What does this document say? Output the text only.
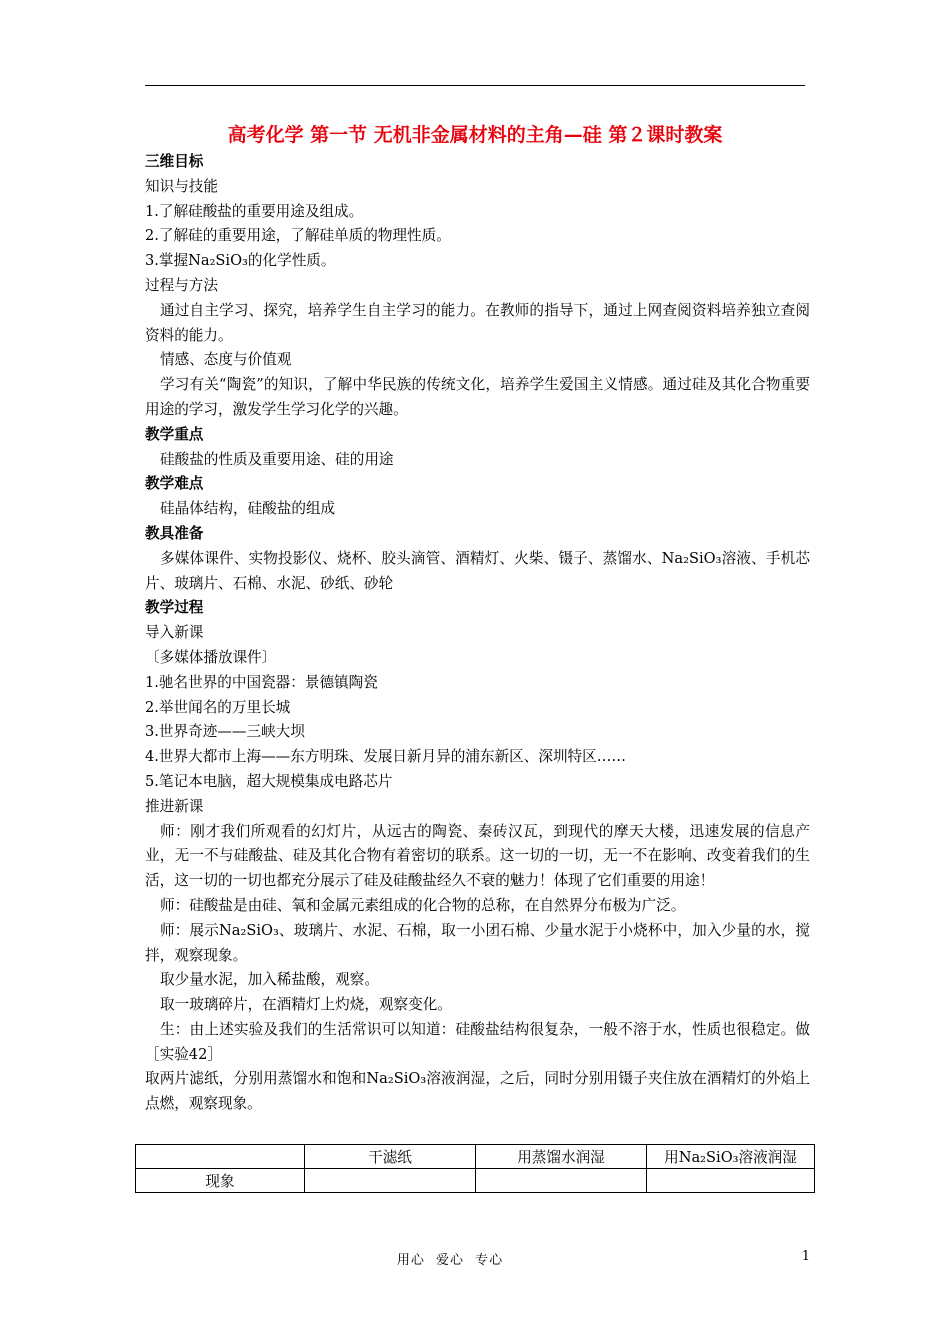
高考化学 第一节 无机非金属材料的主角—硅 第２课时教案

三维目标

知识与技能

1.了解硅酸盐的重要用途及组成。

2.了解硅的重要用途，了解硅单质的物理性质。

3.掌握Na₂SiO₃的化学性质。

过程与方法

通过自主学习、探究，培养学生自主学习的能力。在教师的指导下，通过上网查阅资料培养独立查阅资料的能力。

情感、态度与价值观

学习有关“陶瓷”的知识，了解中华民族的传统文化，培养学生爱国主义情感。通过硅及其化合物重要用途的学习，激发学生学习化学的兴趣。

教学重点

硅酸盐的性质及重要用途、硅的用途

教学难点

硅晶体结构，硅酸盐的组成

教具准备

多媒体课件、实物投影仪、烧杯、胶头滴管、酒精灯、火柴、镊子、蒸馏水、Na₂SiO₃溶液、手机芯片、玻璃片、石棉、水泥、砂纸、砂轮

教学过程

导入新课

〔多媒体播放课件〕

1.驰名世界的中国瓷器：景德镇陶瓷

2.举世闻名的万里长城

3.世界奇迹——三峡大坝

4.世界大都市上海——东方明珠、发展日新月异的浦东新区、深圳特区……

5.笔记本电脑，超大规模集成电路芯片

推进新课

师：刚才我们所观看的幻灯片，从远古的陶瓷、秦砖汉瓦，到现代的摩天大楼，迅速发展的信息产业，无一不与硅酸盐、硅及其化合物有着密切的联系。这一切的一切，无一不在影响、改变着我们的生活，这一切的一切也都充分展示了硅及硅酸盐经久不衰的魅力！体现了它们重要的用途！

师：硅酸盐是由硅、氧和金属元素组成的化合物的总称，在自然界分布极为广泛。

师：展示Na₂SiO₃、玻璃片、水泥、石棉，取一小团石棉、少量水泥于小烧杯中，加入少量的水，搅拌，观察现象。

取少量水泥，加入稀盐酸，观察。

取一玻璃碎片，在酒精灯上灼烧，观察变化。

生：由上述实验及我们的生活常识可以知道：硅酸盐结构很复杂，一般不溶于水，性质也很稳定。做［实验42］

取两片滤纸，分别用蒸馏水和饱和Na₂SiO₃溶液润湿，之后，同时分别用镊子夹住放在酒精灯的外焰上点燃，观察现象。

	干滤纸	用蒸馏水润湿	用Na₂SiO₃溶液润湿
现象			
用心 爱心 专心	1
